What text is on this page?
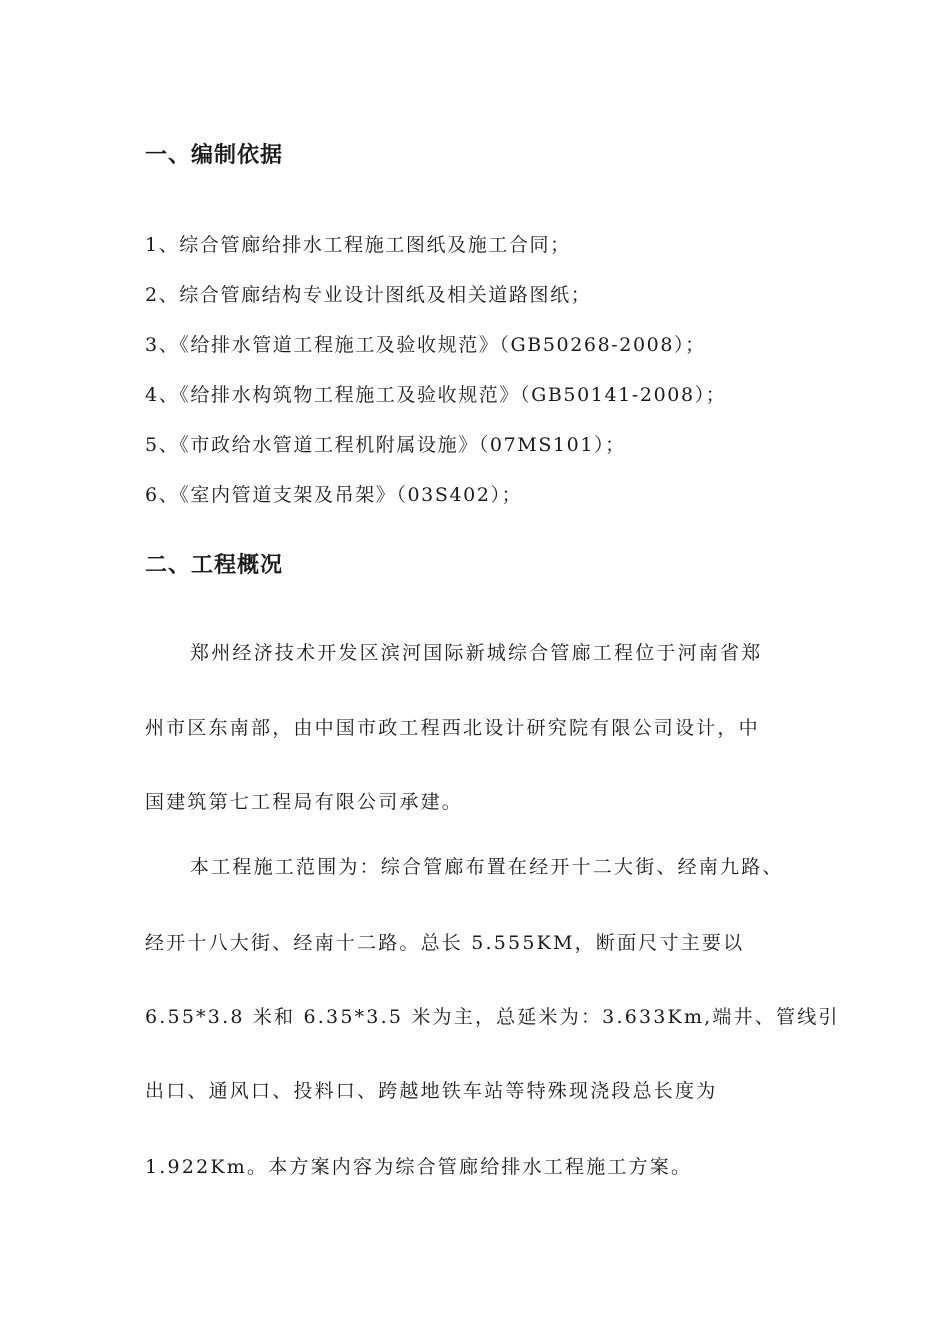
一、编制依据
1、综合管廊给排水工程施工图纸及施工合同；
2、综合管廊结构专业设计图纸及相关道路图纸；
3、《给排水管道工程施工及验收规范》（GB50268-2008）；
4、《给排水构筑物工程施工及验收规范》（GB50141-2008）；
5、《市政给水管道工程机附属设施》（07MS101）；
6、《室内管道支架及吊架》（03S402）；
二、工程概况
郑州经济技术开发区滨河国际新城综合管廊工程位于河南省郑
州市区东南部，由中国市政工程西北设计研究院有限公司设计，中
国建筑第七工程局有限公司承建。
本工程施工范围为：综合管廊布置在经开十二大街、经南九路、
经开十八大街、经南十二路。总长 5.555KM，断面尺寸主要以
6.55*3.8 米和 6.35*3.5 米为主，总延米为：3.633Km,端井、管线引
出口、通风口、投料口、跨越地铁车站等特殊现浇段总长度为
1.922Km。本方案内容为综合管廊给排水工程施工方案。
